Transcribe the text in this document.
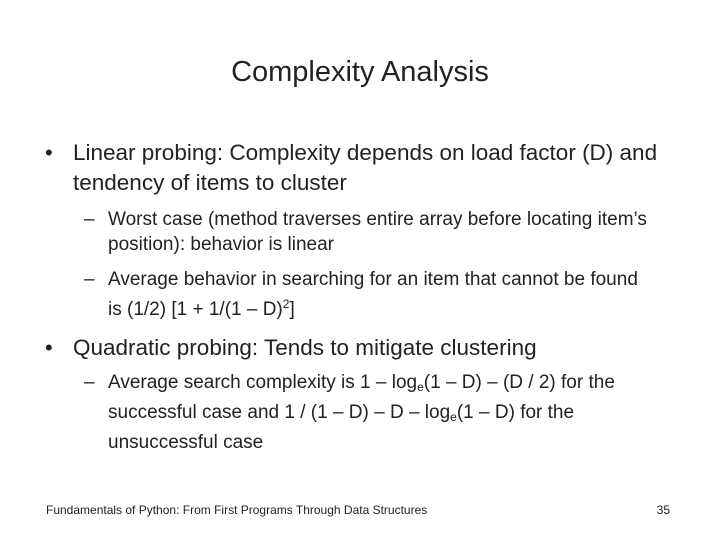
Complexity Analysis
• Linear probing: Complexity depends on load factor (D) and tendency of items to cluster
– Worst case (method traverses entire array before locating item’s position): behavior is linear
– Average behavior in searching for an item that cannot be found is (1/2) [1 + 1/(1 – D)$^2$]
• Quadratic probing: Tends to mitigate clustering
– Average search complexity is $1 - \log_e(1 - D) - (D / 2)$ for the successful case and 1 / (1 – D) – D – $\log_e(1 - D)$ for the unsuccessful case
Fundamentals of Python: From First Programs Through Data Structures	35
